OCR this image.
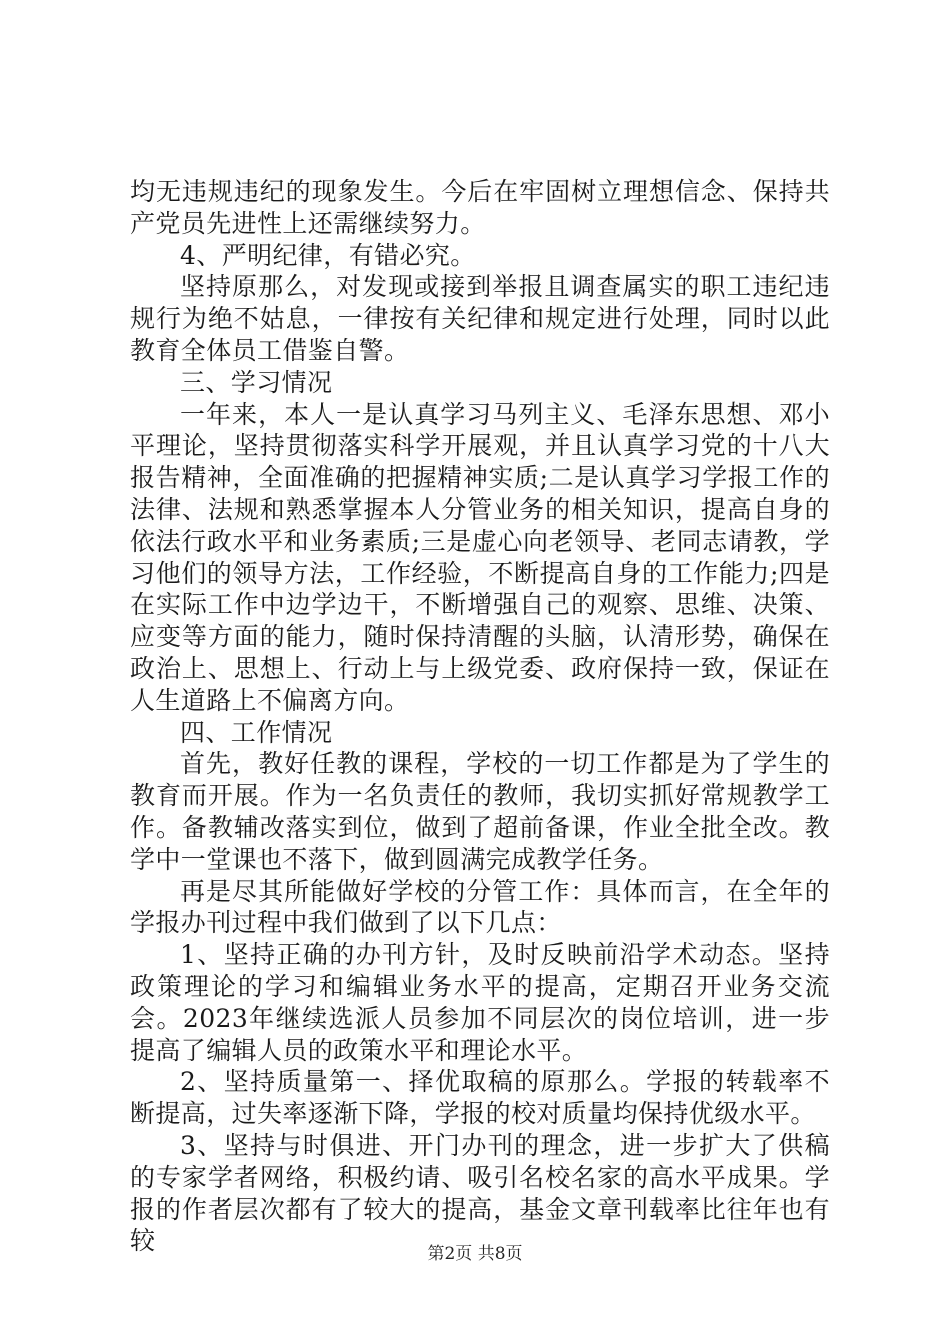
均无违规违纪的现象发生。今后在牢固树立理想信念、保持共产党员先进性上还需继续努力。

4、严明纪律，有错必究。

坚持原那么，对发现或接到举报且调查属实的职工违纪违规行为绝不姑息，一律按有关纪律和规定进行处理，同时以此教育全体员工借鉴自警。

三、学习情况

一年来，本人一是认真学习马列主义、毛泽东思想、邓小平理论，坚持贯彻落实科学开展观，并且认真学习党的十八大报告精神，全面准确的把握精神实质;二是认真学习学报工作的法律、法规和熟悉掌握本人分管业务的相关知识，提高自身的依法行政水平和业务素质;三是虚心向老领导、老同志请教，学习他们的领导方法，工作经验，不断提高自身的工作能力;四是在实际工作中边学边干，不断增强自己的观察、思维、决策、应变等方面的能力，随时保持清醒的头脑，认清形势，确保在政治上、思想上、行动上与上级党委、政府保持一致，保证在人生道路上不偏离方向。

四、工作情况

首先，教好任教的课程，学校的一切工作都是为了学生的教育而开展。作为一名负责任的教师，我切实抓好常规教学工作。备教辅改落实到位，做到了超前备课，作业全批全改。教学中一堂课也不落下，做到圆满完成教学任务。

再是尽其所能做好学校的分管工作：具体而言，在全年的学报办刊过程中我们做到了以下几点：

1、坚持正确的办刊方针，及时反映前沿学术动态。坚持政策理论的学习和编辑业务水平的提高，定期召开业务交流会。2023年继续选派人员参加不同层次的岗位培训，进一步提高了编辑人员的政策水平和理论水平。

2、坚持质量第一、择优取稿的原那么。学报的转载率不断提高，过失率逐渐下降，学报的校对质量均保持优级水平。

3、坚持与时俱进、开门办刊的理念，进一步扩大了供稿的专家学者网络，积极约请、吸引名校名家的高水平成果。学报的作者层次都有了较大的提高，基金文章刊载率比往年也有较	第2页 共8页
